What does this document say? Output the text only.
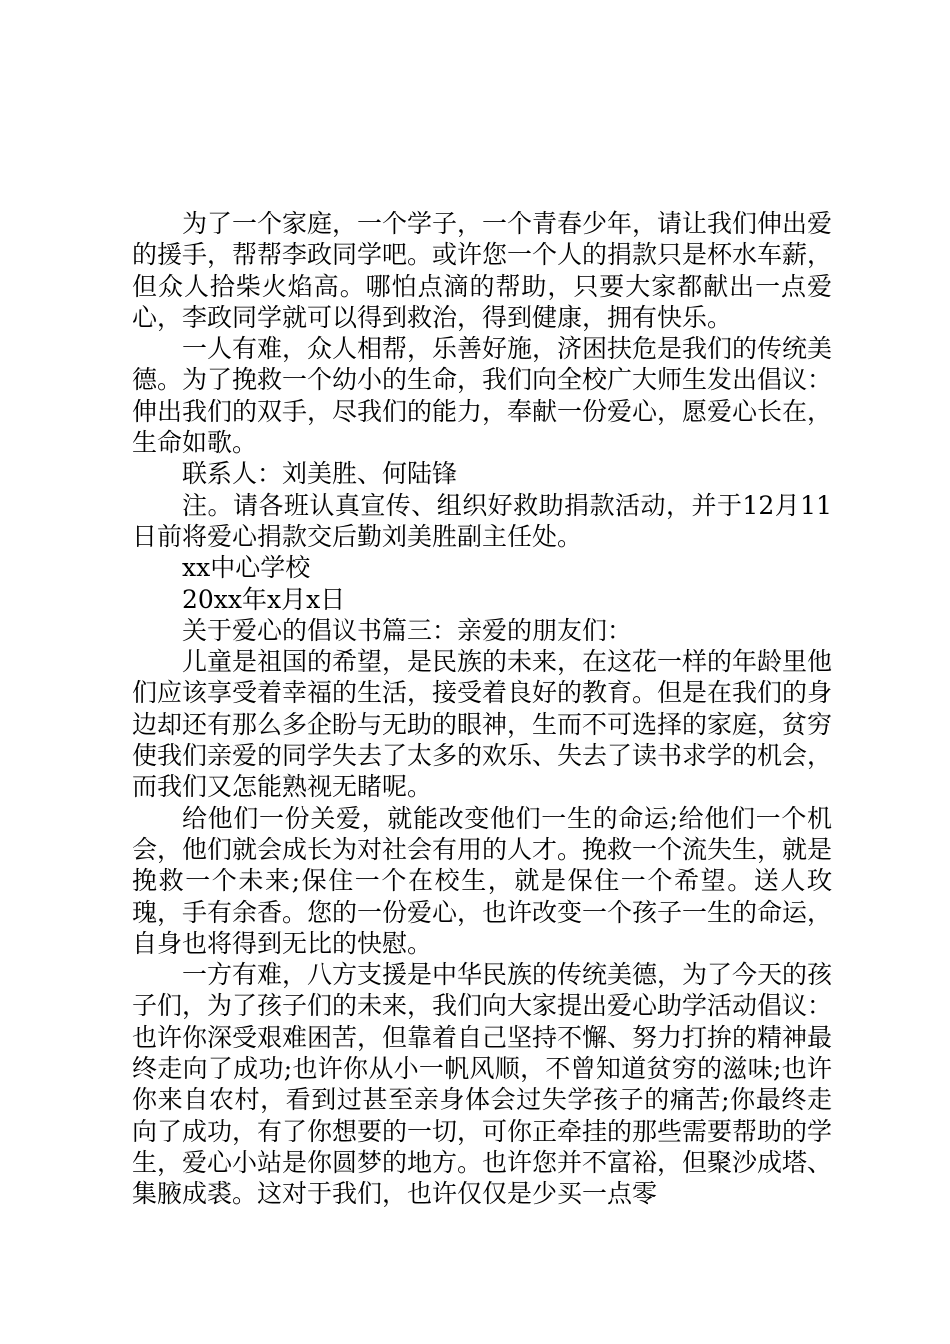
为了一个家庭，一个学子，一个青春少年，请让我们伸出爱的援手，帮帮李政同学吧。或许您一个人的捐款只是杯水车薪，但众人拾柴火焰高。哪怕点滴的帮助，只要大家都献出一点爱心，李政同学就可以得到救治，得到健康，拥有快乐。

一人有难，众人相帮，乐善好施，济困扶危是我们的传统美德。为了挽救一个幼小的生命，我们向全校广大师生发出倡议：伸出我们的双手，尽我们的能力，奉献一份爱心，愿爱心长在，生命如歌。

联系人：刘美胜、何陆锋

注。请各班认真宣传、组织好救助捐款活动，并于12月11日前将爱心捐款交后勤刘美胜副主任处。

xx中心学校

20xx年x月x日

关于爱心的倡议书篇三：亲爱的朋友们：

儿童是祖国的希望，是民族的未来，在这花一样的年龄里他们应该享受着幸福的生活，接受着良好的教育。但是在我们的身边却还有那么多企盼与无助的眼神，生而不可选择的家庭，贫穷使我们亲爱的同学失去了太多的欢乐、失去了读书求学的机会，而我们又怎能熟视无睹呢。

给他们一份关爱，就能改变他们一生的命运;给他们一个机会，他们就会成长为对社会有用的人才。挽救一个流失生，就是挽救一个未来;保住一个在校生，就是保住一个希望。送人玫瑰，手有余香。您的一份爱心，也许改变一个孩子一生的命运，自身也将得到无比的快慰。

一方有难，八方支援是中华民族的传统美德，为了今天的孩子们，为了孩子们的未来，我们向大家提出爱心助学活动倡议：也许你深受艰难困苦，但靠着自己坚持不懈、努力打拚的精神最终走向了成功;也许你从小一帆风顺，不曾知道贫穷的滋味;也许你来自农村，看到过甚至亲身体会过失学孩子的痛苦;你最终走向了成功，有了你想要的一切，可你正牵挂的那些需要帮助的学生，爱心小站是你圆梦的地方。也许您并不富裕，但聚沙成塔、集腋成裘。这对于我们，也许仅仅是少买一点零
